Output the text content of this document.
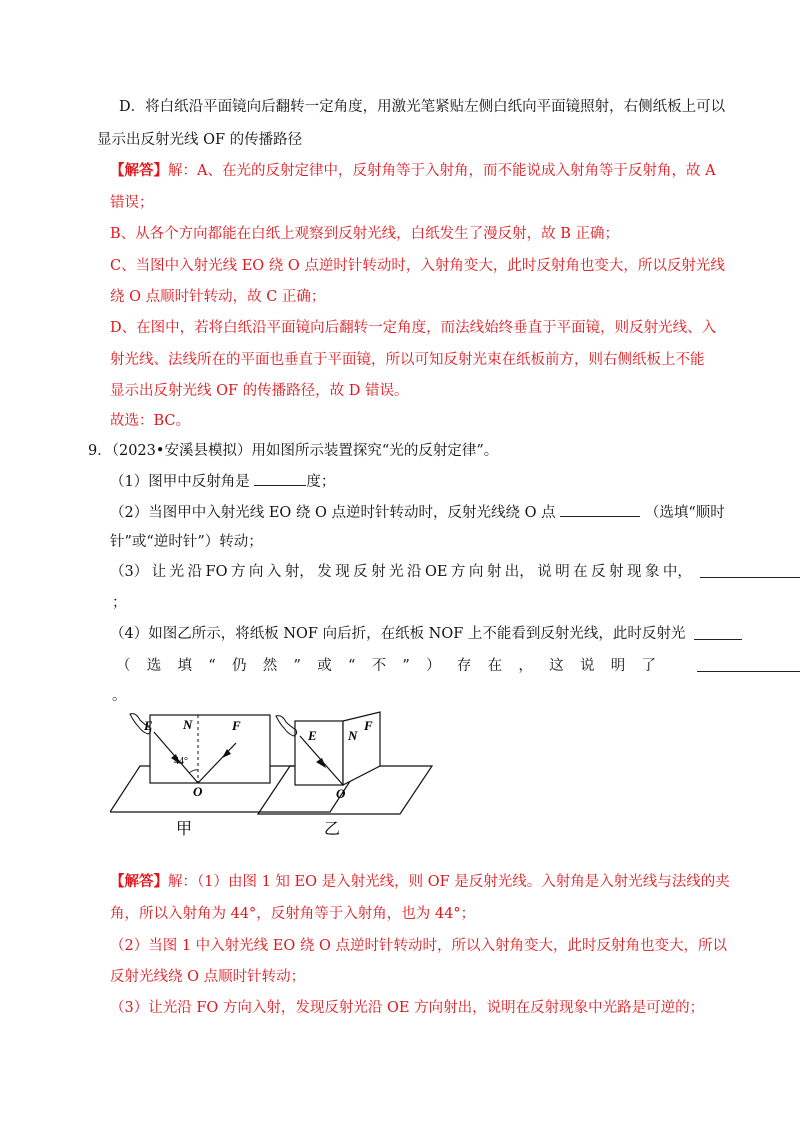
D．将白纸沿平面镜向后翻转一定角度，用激光笔紧贴左侧白纸向平面镜照射，右侧纸板上可以
显示出反射光线 OF 的传播路径
【解答】解：A、在光的反射定律中，反射角等于入射角，而不能说成入射角等于反射角，故 A
错误；
B、从各个方向都能在白纸上观察到反射光线，白纸发生了漫反射，故 B 正确；
C、当图中入射光线 EO 绕 O 点逆时针转动时，入射角变大，此时反射角也变大，所以反射光线
绕 O 点顺时针转动，故 C 正确；
D、在图中，若将白纸沿平面镜向后翻转一定角度，而法线始终垂直于平面镜，则反射光线、入
射光线、法线所在的平面也垂直于平面镜，所以可知反射光束在纸板前方，则右侧纸板上不能
显示出反射光线 OF 的传播路径，故 D 错误。
故选：BC。
9．（2023•安溪县模拟）用如图所示装置探究“光的反射定律”。
（1）图甲中反射角是	度；
（2）当图甲中入射光线 EO 绕 O 点逆时针转动时，反射光线绕 O 点	（选填“顺时
针”或“逆时针”）转动；
（3） 让 光 沿 FO 方 向 入 射， 发 现 反 射 光 沿 OE 方 向 射 出， 说 明 在 反 射 现 象 中，
；
（4）如图乙所示，将纸板 NOF 向后折，在纸板 NOF 上不能看到反射光线，此时反射光
（ 选 填 “ 仍 然 ” 或 “ 不 ” ） 存 在 ， 这 说 明 了
。
E N	F
44°
O
甲
E N
F
O
乙
【解答】解：（1）由图 1 知 EO 是入射光线，则 OF 是反射光线。入射角是入射光线与法线的夹
角，所以入射角为 44°，反射角等于入射角，也为 44°；
（2）当图 1 中入射光线 EO 绕 O 点逆时针转动时，所以入射角变大，此时反射角也变大，所以
反射光线绕 O 点顺时针转动；
（3）让光沿 FO 方向入射，发现反射光沿 OE 方向射出，说明在反射现象中光路是可逆的；
